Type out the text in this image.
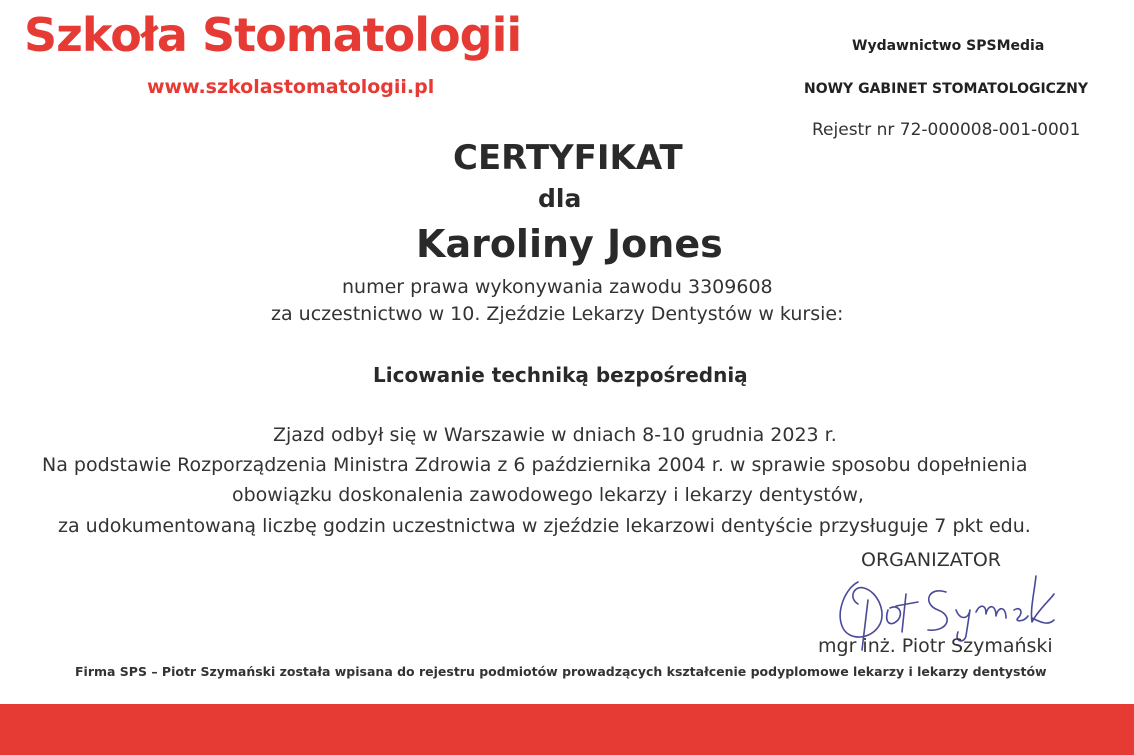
Szkoła Stomatologii
www.szkolastomatologii.pl
Wydawnictwo SPSMedia
NOWY GABINET STOMATOLOGICZNY
Rejestr nr 72-000008-001-0001
CERTYFIKAT
dla
Karoliny Jones
numer prawa wykonywania zawodu 3309608
za uczestnictwo w 10. Zjeździe Lekarzy Dentystów w kursie:
Licowanie techniką bezpośrednią
Zjazd odbył się w Warszawie w dniach 8-10 grudnia 2023 r.
Na podstawie Rozporządzenia Ministra Zdrowia z 6 października 2004 r. w sprawie sposobu dopełnienia
obowiązku doskonalenia zawodowego lekarzy i lekarzy dentystów,
za udokumentowaną liczbę godzin uczestnictwa w zjeździe lekarzowi dentyście przysługuje 7 pkt edu.
ORGANIZATOR
mgr inż. Piotr Szymański
Firma SPS – Piotr Szymański została wpisana do rejestru podmiotów prowadzących kształcenie podyplomowe lekarzy i lekarzy dentystów
